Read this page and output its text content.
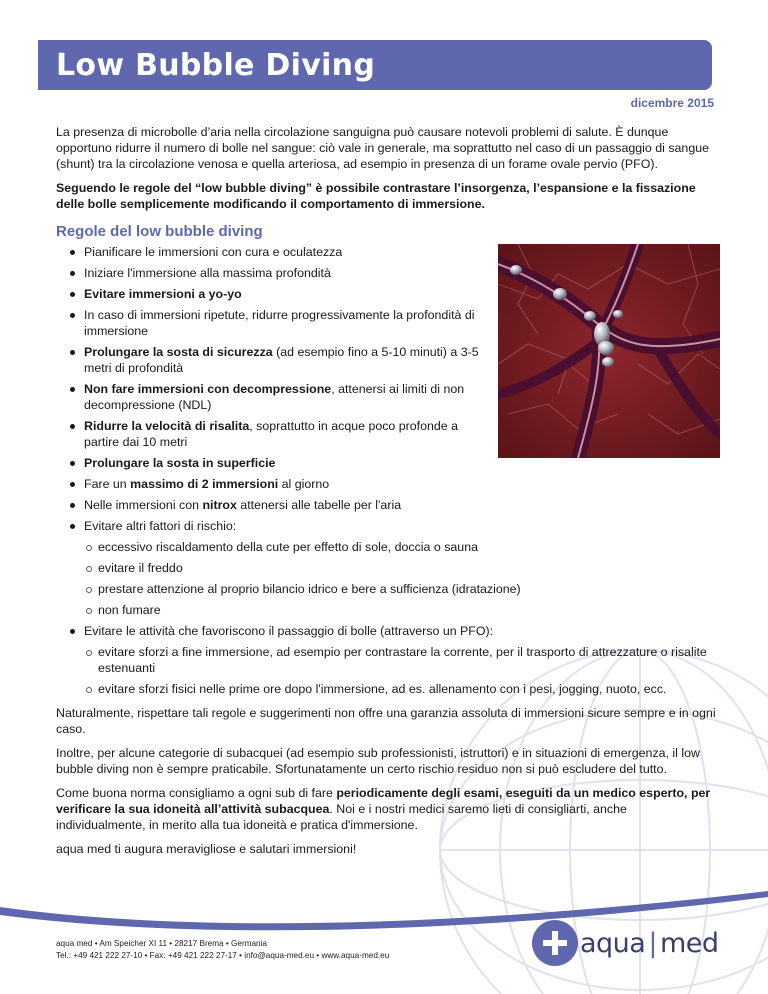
Low Bubble Diving
dicembre 2015

La presenza di microbolle d’aria nella circolazione sanguigna può causare notevoli problemi di salute. È dunque opportuno ridurre il numero di bolle nel sangue: ciò vale in generale, ma soprattutto nel caso di un passaggio di sangue (shunt) tra la circolazione venosa e quella arteriosa, ad esempio in presenza di un forame ovale pervio (PFO).

Seguendo le regole del “low bubble diving” è possibile contrastare l’insorgenza, l’espansione e la fissazione delle bolle semplicemente modificando il comportamento di immersione.

Regole del low bubble diving
Pianificare le immersioni con cura e oculatezza
Iniziare l'immersione alla massima profondità
Evitare immersioni a yo-yo
In caso di immersioni ripetute, ridurre progressivamente la profondità di immersione
Prolungare la sosta di sicurezza (ad esempio fino a 5-10 minuti) a 3-5 metri di profondità
Non fare immersioni con decompressione, attenersi ai limiti di non decompressione (NDL)
Ridurre la velocità di risalita, soprattutto in acque poco profonde a partire dai 10 metri
Prolungare la sosta in superficie
Fare un massimo di 2 immersioni al giorno
Nelle immersioni con nitrox attenersi alle tabelle per l'aria
Evitare altri fattori di rischio:
eccessivo riscaldamento della cute per effetto di sole, doccia o sauna
evitare il freddo
prestare attenzione al proprio bilancio idrico e bere a sufficienza (idratazione)
non fumare
Evitare le attività che favoriscono il passaggio di bolle (attraverso un PFO):
evitare sforzi a fine immersione, ad esempio per contrastare la corrente, per il trasporto di attrezzature o risalite estenuanti
evitare sforzi fisici nelle prime ore dopo l'immersione, ad es. allenamento con i pesi, jogging, nuoto, ecc.

Naturalmente, rispettare tali regole e suggerimenti non offre una garanzia assoluta di immersioni sicure sempre e in ogni caso.

Inoltre, per alcune categorie di subacquei (ad esempio sub professionisti, istruttori) e in situazioni di emergenza, il low bubble diving non è sempre praticabile. Sfortunatamente un certo rischio residuo non si può escludere del tutto.

Come buona norma consigliamo a ogni sub di fare periodicamente degli esami, eseguiti da un medico esperto, per verificare la sua idoneità all’attività subacquea. Noi e i nostri medici saremo lieti di consigliarti, anche individualmente, in merito alla tua idoneità e pratica d'immersione.

aqua med ti augura meravigliose e salutari immersioni!

aqua med • Am Speicher XI 11 • 28217 Brema • Germania
Tel.: +49 421 222 27-10 • Fax: +49 421 222 27-17 • info@aqua-med.eu • www.aqua-med.eu	aqua | med
